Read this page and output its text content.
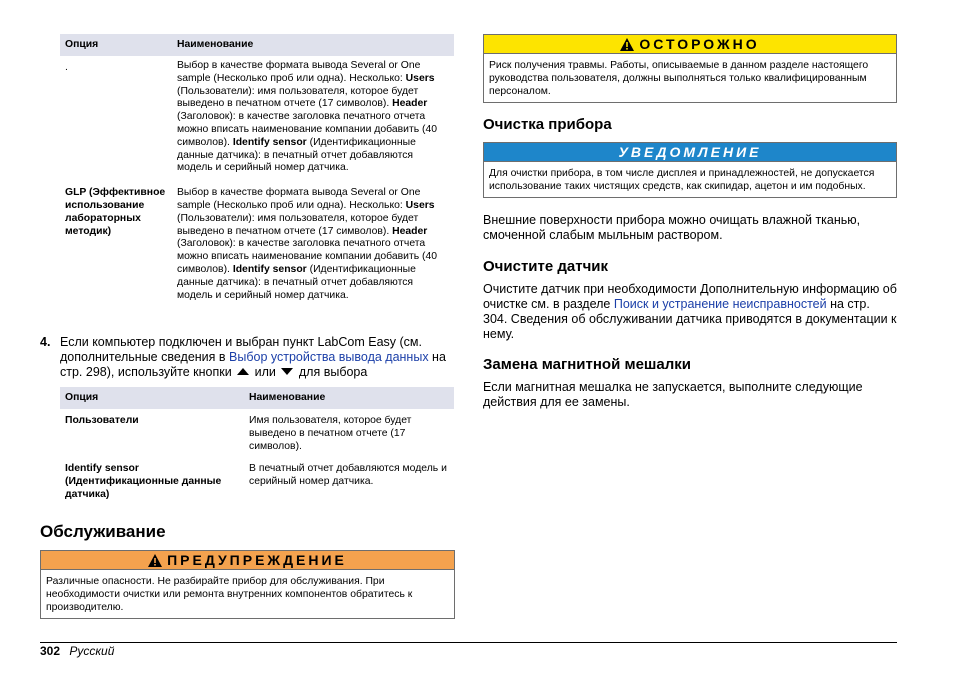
Опция	Наименование
.	Выбор в качестве формата вывода Several or One sample (Несколько проб или одна). Несколько: Users (Пользователи): имя пользователя, которое будет выведено в печатном отчете (17 символов). Header (Заголовок): в качестве заголовка печатного отчета можно вписать наименование компании добавить (40 символов). Identify sensor (Идентификационные данные датчика): в печатный отчет добавляются модель и серийный номер датчика.
GLP (Эффективное использование лабораторных методик)	Выбор в качестве формата вывода Several or One sample (Несколько проб или одна). Несколько: Users (Пользователи): имя пользователя, которое будет выведено в печатном отчете (17 символов). Header (Заголовок): в качестве заголовка печатного отчета можно вписать наименование компании добавить (40 символов). Identify sensor (Идентификационные данные датчика): в печатный отчет добавляются модель и серийный номер датчика.
4. Если компьютер подключен и выбран пункт LabCom Easy (см. дополнительные сведения в Выбор устройства вывода данных на стр. 298), используйте кнопки  или  для выбора
Опция	Наименование
Пользователи	Имя пользователя, которое будет выведено в печатном отчете (17 символов).
Identify sensor (Идентификационные данные датчика)	В печатный отчет добавляются модель и серийный номер датчика.
Обслуживание
ПРЕДУПРЕЖДЕНИЕ
Различные опасности. Не разбирайте прибор для обслуживания. При необходимости очистки или ремонта внутренних компонентов обратитесь к производителю.
ОСТОРОЖНО
Риск получения травмы. Работы, описываемые в данном разделе настоящего руководства пользователя, должны выполняться только квалифицированным персоналом.
Очистка прибора
УВЕДОМЛЕНИЕ
Для очистки прибора, в том числе дисплея и принадлежностей, не допускается использование таких чистящих средств, как скипидар, ацетон и им подобных.
Внешние поверхности прибора можно очищать влажной тканью, смоченной слабым мыльным раствором.
Очистите датчик
Очистите датчик при необходимости Дополнительную информацию об очистке см. в разделе Поиск и устранение неисправностей на стр. 304. Сведения об обслуживании датчика приводятся в документации к нему.
Замена магнитной мешалки
Если магнитная мешалка не запускается, выполните следующие действия для ее замены.
302 Русский
